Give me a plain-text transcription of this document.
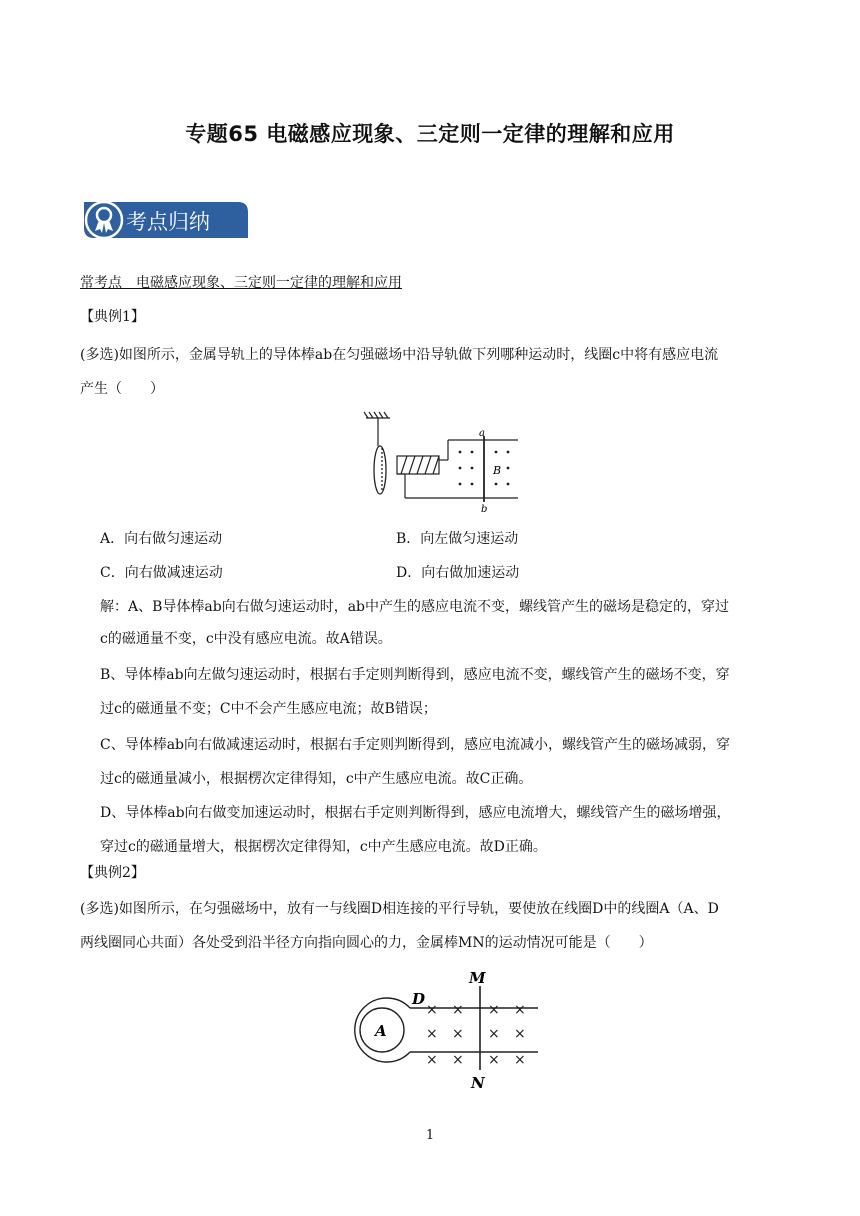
专题65 电磁感应现象、三定则一定律的理解和应用
考点归纳
常考点　电磁感应现象、三定则一定律的理解和应用
【典例1】
(多选)如图所示，金属导轨上的导体棒ab在匀强磁场中沿导轨做下列哪种运动时，线圈c中将有感应电流
产生（　　）
a
b
B
A．向右做匀速运动	B．向左做匀速运动
C．向右做减速运动	D．向右做加速运动
解：A、B导体棒ab向右做匀速运动时，ab中产生的感应电流不变，螺线管产生的磁场是稳定的，穿过
c的磁通量不变，c中没有感应电流。故A错误。
B、导体棒ab向左做匀速运动时，根据右手定则判断得到，感应电流不变，螺线管产生的磁场不变，穿
过c的磁通量不变；C中不会产生感应电流；故B错误；
C、导体棒ab向右做减速运动时，根据右手定则判断得到，感应电流减小，螺线管产生的磁场减弱，穿
过c的磁通量减小，根据楞次定律得知，c中产生感应电流。故C正确。
D、导体棒ab向右做变加速运动时，根据右手定则判断得到，感应电流增大，螺线管产生的磁场增强，
穿过c的磁通量增大，根据楞次定律得知，c中产生感应电流。故D正确。
【典例2】
(多选)如图所示，在匀强磁场中，放有一与线圈D相连接的平行导轨，要使放在线圈D中的线圈A（A、D
两线圈同心共面）各处受到沿半径方向指向圆心的力，金属棒MN的运动情况可能是（　　）
× × × ×
× × × ×
× × × ×
D
A
M
N
1
